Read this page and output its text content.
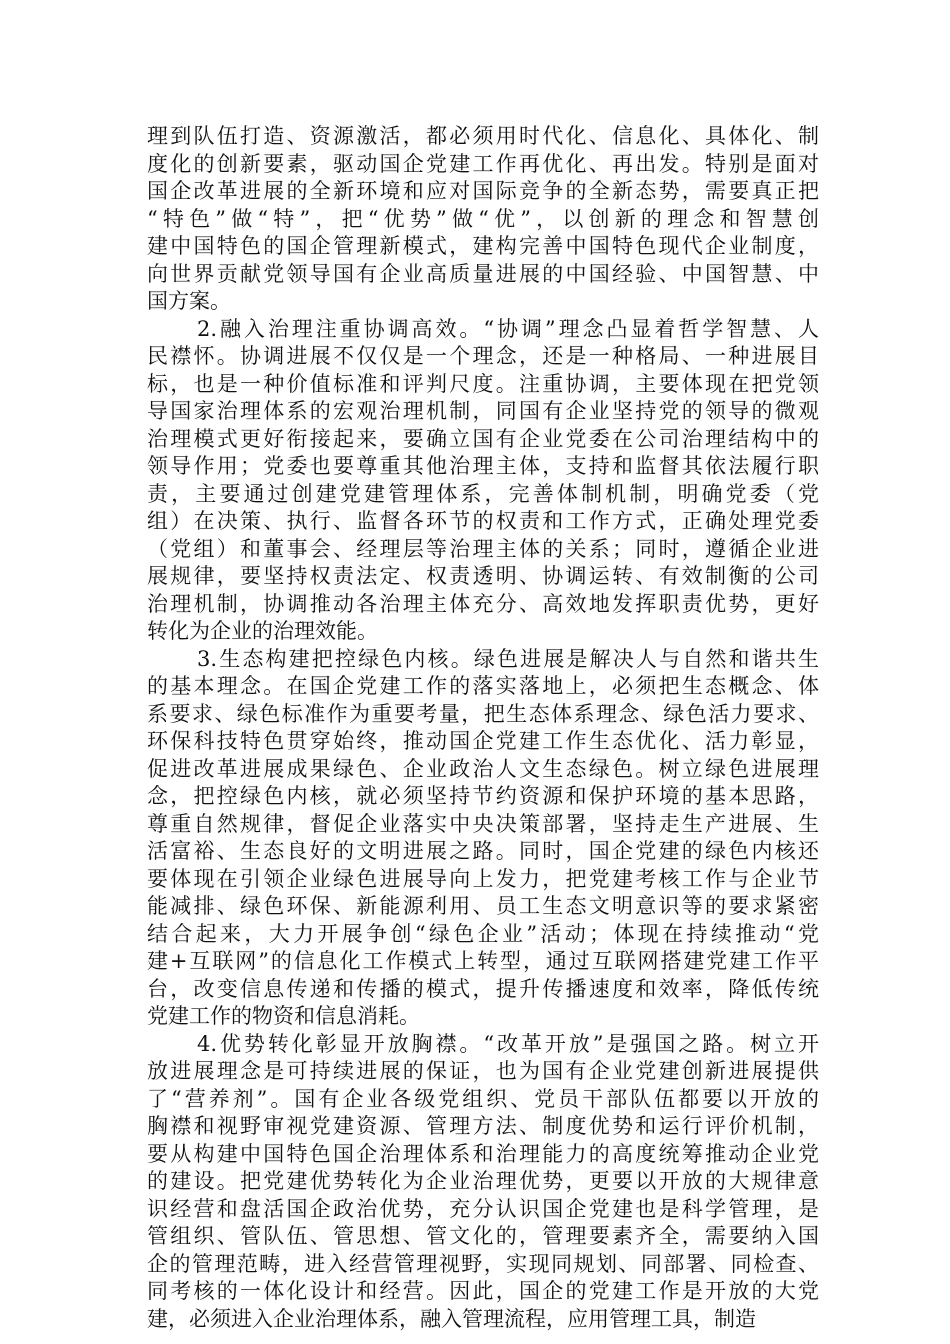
理到队伍打造、资源激活，都必须用时代化、信息化、具体化、制
度化的创新要素，驱动国企党建工作再优化、再出发。特别是面对
国企改革进展的全新环境和应对国际竞争的全新态势，需要真正把
“特色”做“特”，把“优势”做“优”，以创新的理念和智慧创
建中国特色的国企管理新模式，建构完善中国特色现代企业制度，
向世界贡献党领导国有企业高质量进展的中国经验、中国智慧、中
国方案。
2.融入治理注重协调高效。“协调”理念凸显着哲学智慧、人
民襟怀。协调进展不仅仅是一个理念，还是一种格局、一种进展目
标，也是一种价值标准和评判尺度。注重协调，主要体现在把党领
导国家治理体系的宏观治理机制，同国有企业坚持党的领导的微观
治理模式更好衔接起来，要确立国有企业党委在公司治理结构中的
领导作用；党委也要尊重其他治理主体，支持和监督其依法履行职
责，主要通过创建党建管理体系，完善体制机制，明确党委（党
组）在决策、执行、监督各环节的权责和工作方式，正确处理党委
（党组）和董事会、经理层等治理主体的关系；同时，遵循企业进
展规律，要坚持权责法定、权责透明、协调运转、有效制衡的公司
治理机制，协调推动各治理主体充分、高效地发挥职责优势，更好
转化为企业的治理效能。
3.生态构建把控绿色内核。绿色进展是解决人与自然和谐共生
的基本理念。在国企党建工作的落实落地上，必须把生态概念、体
系要求、绿色标准作为重要考量，把生态体系理念、绿色活力要求、
环保科技特色贯穿始终，推动国企党建工作生态优化、活力彰显，
促进改革进展成果绿色、企业政治人文生态绿色。树立绿色进展理
念，把控绿色内核，就必须坚持节约资源和保护环境的基本思路，
尊重自然规律，督促企业落实中央决策部署，坚持走生产进展、生
活富裕、生态良好的文明进展之路。同时，国企党建的绿色内核还
要体现在引领企业绿色进展导向上发力，把党建考核工作与企业节
能减排、绿色环保、新能源利用、员工生态文明意识等的要求紧密
结合起来，大力开展争创“绿色企业”活动；体现在持续推动“党
建+互联网”的信息化工作模式上转型，通过互联网搭建党建工作平
台，改变信息传递和传播的模式，提升传播速度和效率，降低传统
党建工作的物资和信息消耗。
4.优势转化彰显开放胸襟。“改革开放”是强国之路。树立开
放进展理念是可持续进展的保证，也为国有企业党建创新进展提供
了“营养剂”。国有企业各级党组织、党员干部队伍都要以开放的
胸襟和视野审视党建资源、管理方法、制度优势和运行评价机制，
要从构建中国特色国企治理体系和治理能力的高度统筹推动企业党
的建设。把党建优势转化为企业治理优势，更要以开放的大规律意
识经营和盘活国企政治优势，充分认识国企党建也是科学管理，是
管组织、管队伍、管思想、管文化的，管理要素齐全，需要纳入国
企的管理范畴，进入经营管理视野，实现同规划、同部署、同检查、
同考核的一体化设计和经营。因此，国企的党建工作是开放的大党
建，必须进入企业治理体系，融入管理流程，应用管理工具，制造
